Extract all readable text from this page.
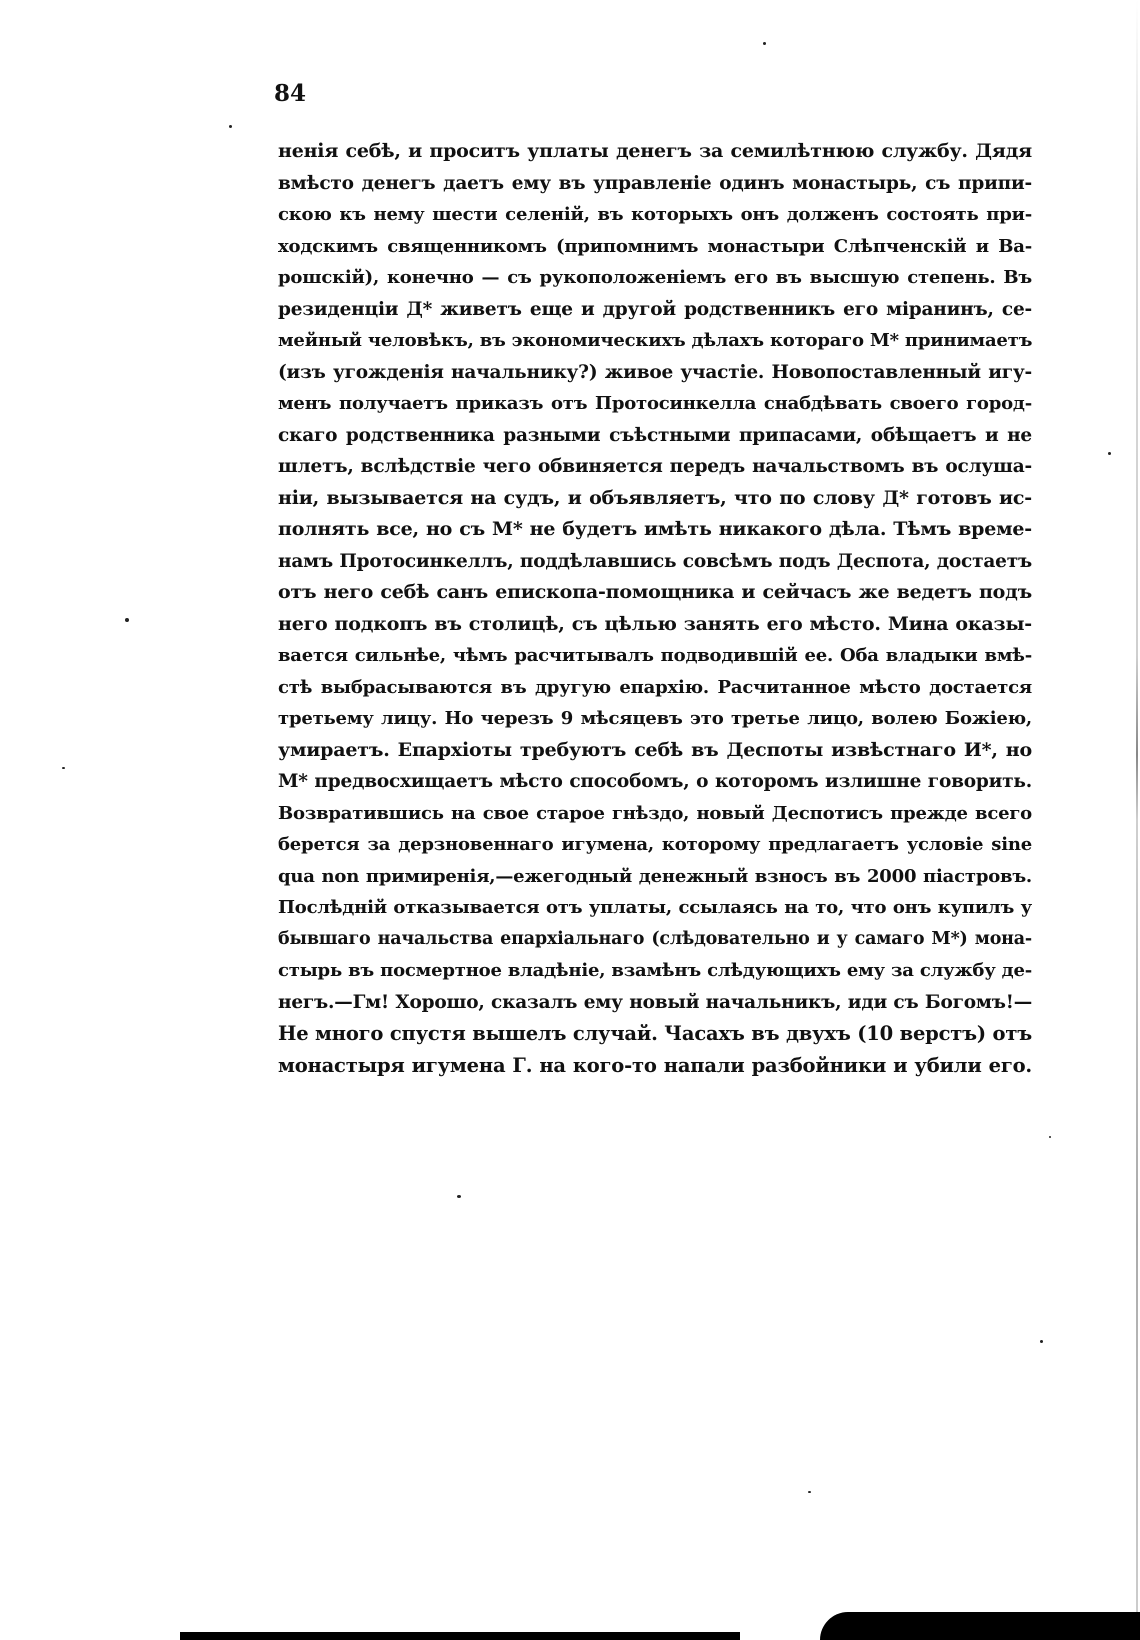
84
ненія себѣ, и проситъ уплаты денегъ за семилѣтнюю службу. Дядя
вмѣсто денегъ даетъ ему въ управленіе одинъ монастырь, съ припи-
скою къ нему шести селеній, въ которыхъ онъ долженъ состоять при-
ходскимъ священникомъ (припомнимъ монастыри Слѣпченскій и Ва-
рошскій), конечно — съ рукоположеніемъ его въ высшую степень. Въ
резиденціи Д* живетъ еще и другой родственникъ его міранинъ, се-
мейный человѣкъ, въ экономическихъ дѣлахъ котораго М* принимаетъ
(изъ угожденія начальнику?) живое участіе. Новопоставленный игу-
менъ получаетъ приказъ отъ Протосинкелла снабдѣвать своего город-
скаго родственника разными съѣстными припасами, обѣщаетъ и не
шлетъ, вслѣдствіе чего обвиняется передъ начальствомъ въ ослуша-
ніи, вызывается на судъ, и объявляетъ, что по слову Д* готовъ ис-
полнять все, но съ М* не будетъ имѣть никакого дѣла. Тѣмъ време-
намъ Протосинкеллъ, поддѣлавшись совсѣмъ подъ Деспота, достаетъ
отъ него себѣ санъ епископа-помощника и сейчасъ же ведетъ подъ
него подкопъ въ столицѣ, съ цѣлью занять его мѣсто. Мина оказы-
вается сильнѣе, чѣмъ расчитывалъ подводившій ее. Оба владыки вмѣ-
стѣ выбрасываются въ другую епархію. Расчитанное мѣсто достается
третьему лицу. Но черезъ 9 мѣсяцевъ это третье лицо, волею Божіею,
умираетъ. Епархіоты требуютъ себѣ въ Деспоты извѣстнаго И*, но
М* предвосхищаетъ мѣсто способомъ, о которомъ излишне говорить.
Возвратившись на свое старое гнѣздо, новый Деспотисъ прежде всего
берется за дерзновеннаго игумена, которому предлагаетъ условіе sine
qua non примиренія,—ежегодный денежный взносъ въ 2000 піастровъ.
Послѣдній отказывается отъ уплаты, ссылаясь на то, что онъ купилъ у
бывшаго начальства епархіальнаго (слѣдовательно и у самаго М*) мона-
стырь въ посмертное владѣніе, взамѣнъ слѣдующихъ ему за службу де-
негъ.—Гм! Хорошо, сказалъ ему новый начальникъ, иди съ Богомъ!—
Не много спустя вышелъ случай. Часахъ въ двухъ (10 верстъ) отъ
монастыря игумена Г. на кого-то напали разбойники и убили его.
